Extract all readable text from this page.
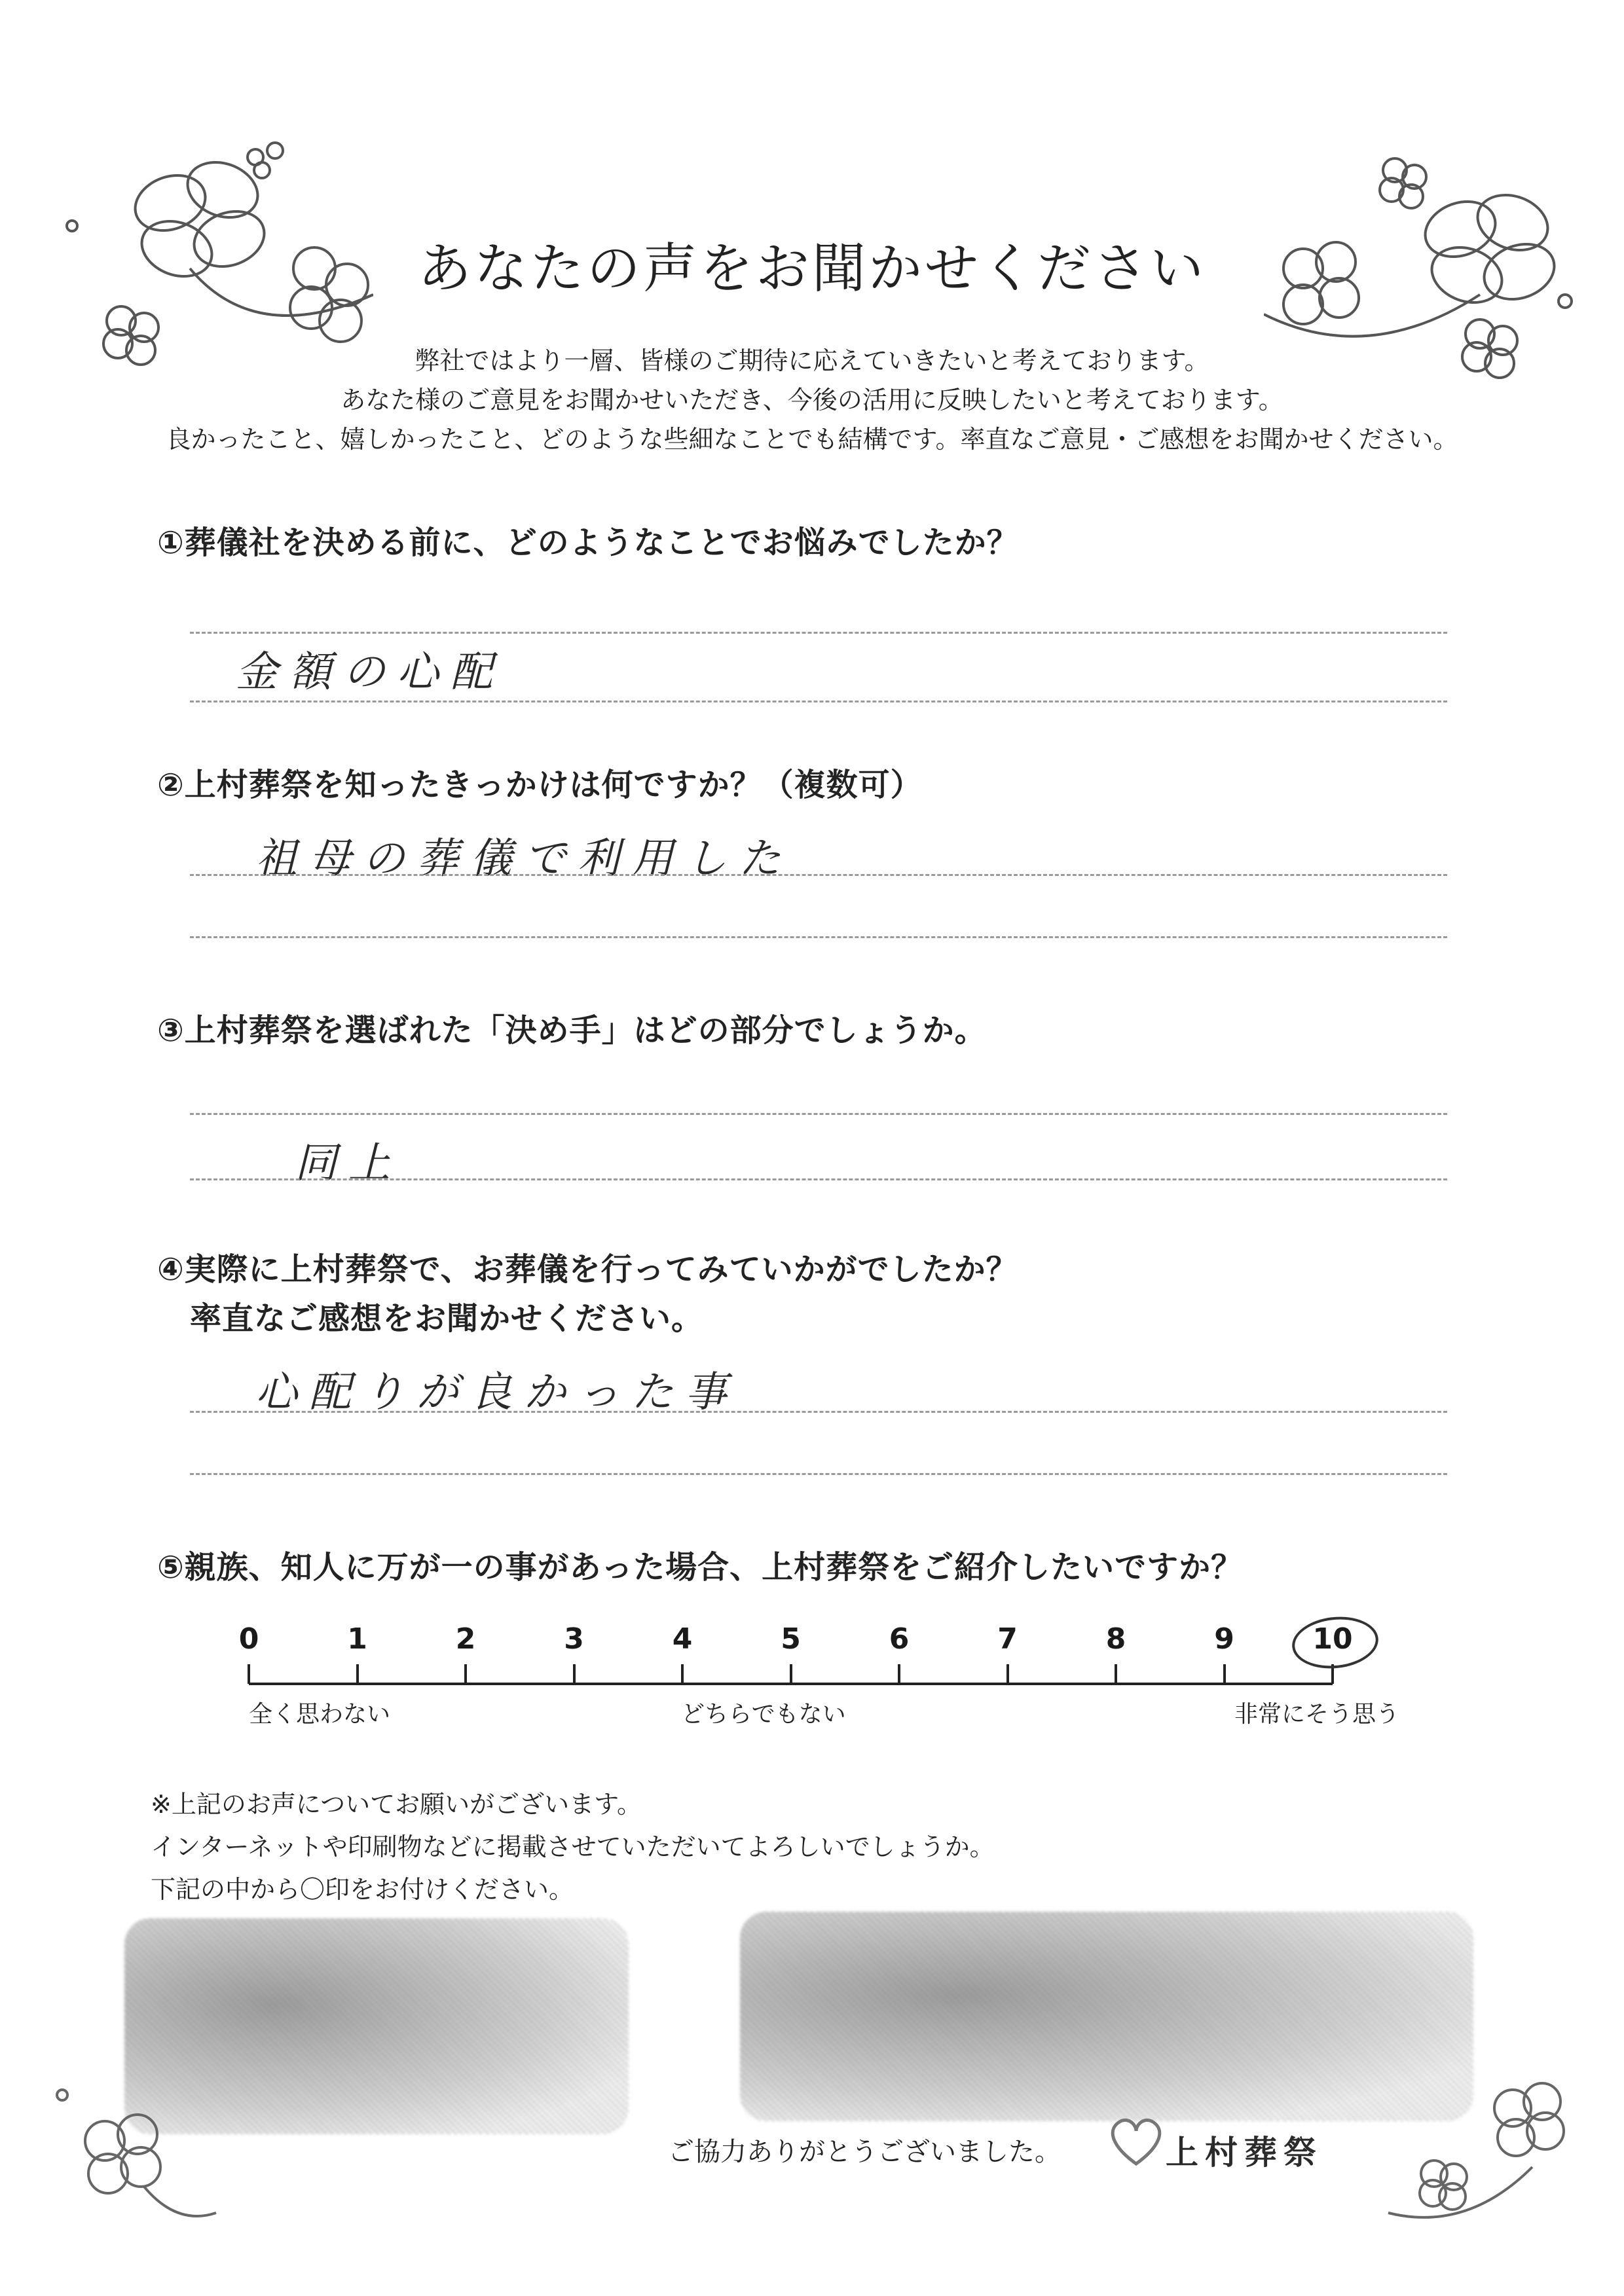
あなたの声をお聞かせください
弊社ではより一層、皆様のご期待に応えていきたいと考えております。
あなた様のご意見をお聞かせいただき、今後の活用に反映したいと考えております。
良かったこと、嬉しかったこと、どのような些細なことでも結構です。率直なご意見・ご感想をお聞かせください。
①葬儀社を決める前に、どのようなことでお悩みでしたか？
金額の心配
②上村葬祭を知ったきっかけは何ですか？（複数可）
祖母の葬儀で利用した
③上村葬祭を選ばれた「決め手」はどの部分でしょうか。
同上
④実際に上村葬祭で、お葬儀を行ってみていかがでしたか？
率直なご感想をお聞かせください。
心配りが良かった事
⑤親族、知人に万が一の事があった場合、上村葬祭をご紹介したいですか？
0	1	2	3	4	5	6	7	8	9	10
全く思わない	どちらでもない	非常にそう思う
※上記のお声についてお願いがございます。
インターネットや印刷物などに掲載させていただいてよろしいでしょうか。
下記の中から〇印をお付けください。
ご協力ありがとうございました。	上村葬祭
